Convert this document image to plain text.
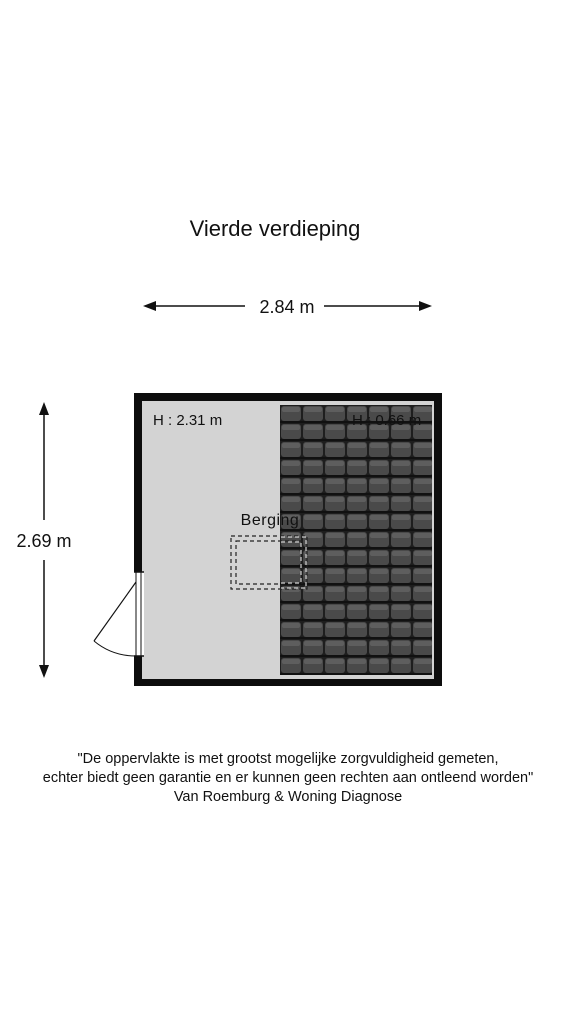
Vierde verdieping
2.84 m
2.69 m
H : 2.31 m	H : 0.66 m
Berging
"De oppervlakte is met grootst mogelijke zorgvuldigheid gemeten,
echter biedt geen garantie en er kunnen geen rechten aan ontleend worden"
Van Roemburg & Woning Diagnose
